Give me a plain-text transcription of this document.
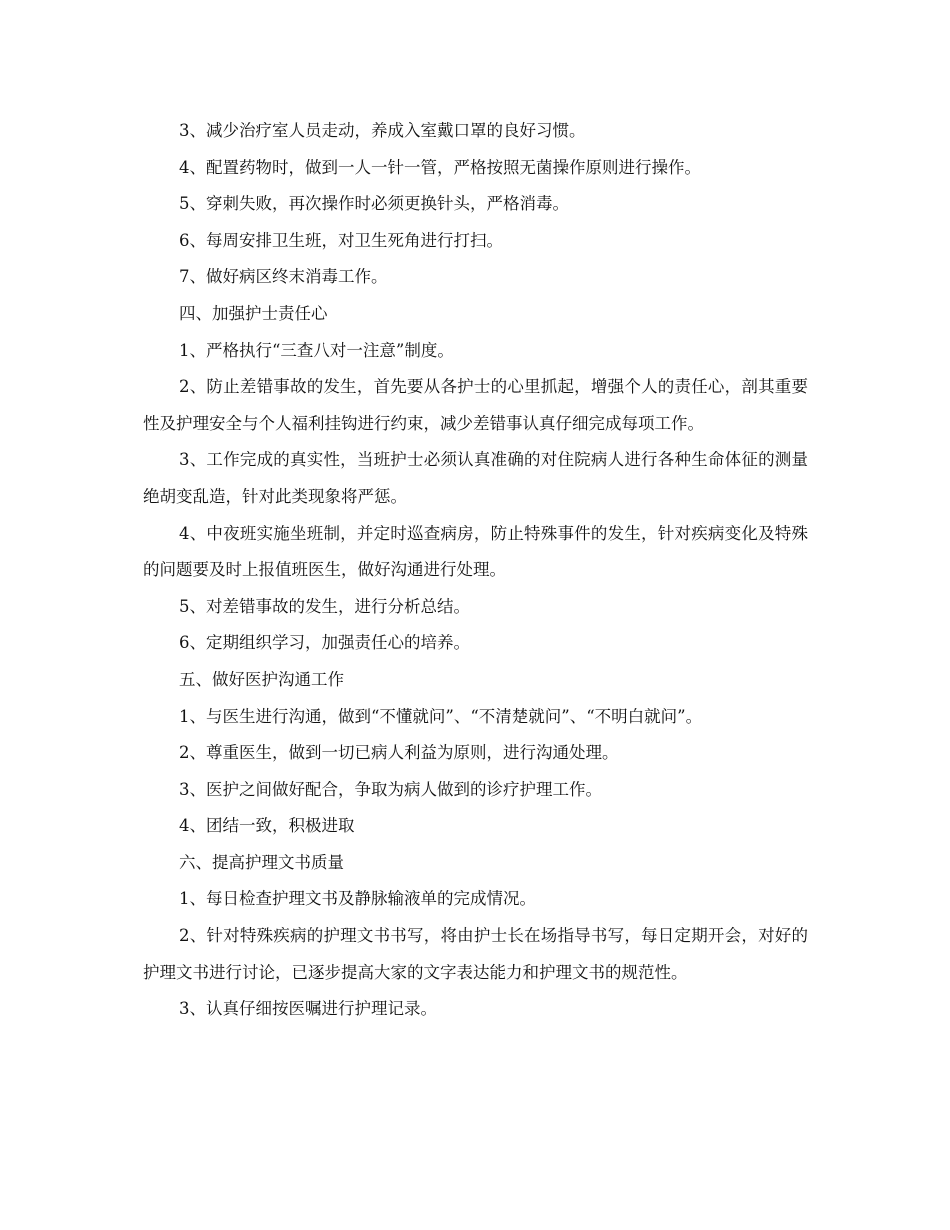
3、减少治疗室人员走动，养成入室戴口罩的良好习惯。

4、配置药物时，做到一人一针一管，严格按照无菌操作原则进行操作。

5、穿刺失败，再次操作时必须更换针头，严格消毒。

6、每周安排卫生班，对卫生死角进行打扫。

7、做好病区终末消毒工作。

四、加强护士责任心

1、严格执行“三查八对一注意”制度。

2、防止差错事故的发生，首先要从各护士的心里抓起，增强个人的责任心，剖其重要性及护理安全与个人福利挂钩进行约束，减少差错事认真仔细完成每项工作。

3、工作完成的真实性，当班护士必须认真准确的对住院病人进行各种生命体征的测量绝胡变乱造，针对此类现象将严惩。

4、中夜班实施坐班制，并定时巡查病房，防止特殊事件的发生，针对疾病变化及特殊的问题要及时上报值班医生，做好沟通进行处理。

5、对差错事故的发生，进行分析总结。

6、定期组织学习，加强责任心的培养。

五、做好医护沟通工作

1、与医生进行沟通，做到“不懂就问”、“不清楚就问”、“不明白就问”。

2、尊重医生，做到一切已病人利益为原则，进行沟通处理。

3、医护之间做好配合，争取为病人做到的诊疗护理工作。

4、团结一致，积极进取

六、提高护理文书质量

1、每日检查护理文书及静脉输液单的完成情况。

2、针对特殊疾病的护理文书书写，将由护士长在场指导书写，每日定期开会，对好的护理文书进行讨论，已逐步提高大家的文字表达能力和护理文书的规范性。

3、认真仔细按医嘱进行护理记录。
